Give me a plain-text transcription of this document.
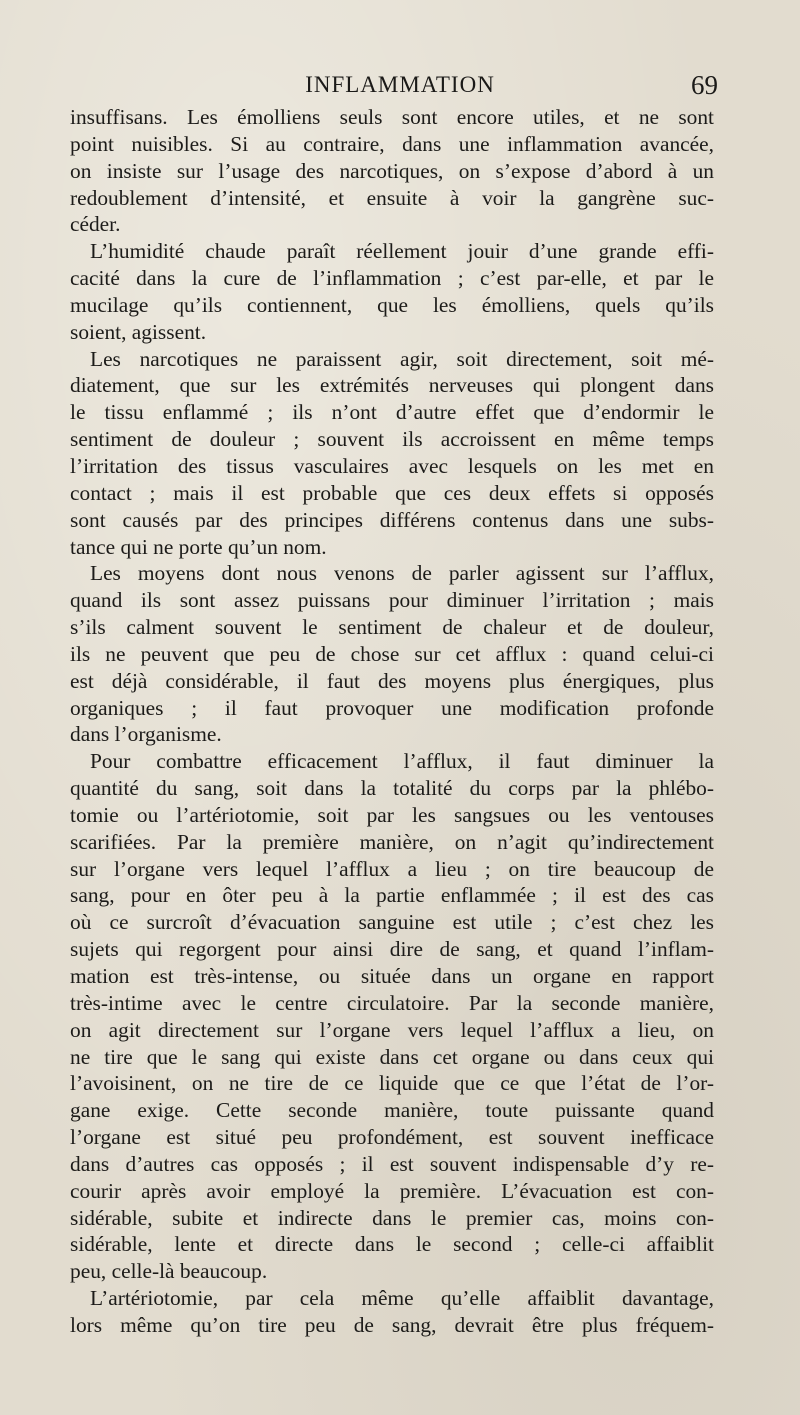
INFLAMMATION	69
insuffisans. Les émolliens seuls sont encore utiles, et ne sont
point nuisibles. Si au contraire, dans une inflammation avancée,
on insiste sur l’usage des narcotiques, on s’expose d’abord à un
redoublement d’intensité, et ensuite à voir la gangrène suc-
céder.
L’humidité chaude paraît réellement jouir d’une grande effi-
cacité dans la cure de l’inflammation ; c’est par-elle, et par le
mucilage qu’ils contiennent, que les émolliens, quels qu’ils
soient, agissent.
Les narcotiques ne paraissent agir, soit directement, soit mé-
diatement, que sur les extrémités nerveuses qui plongent dans
le tissu enflammé ; ils n’ont d’autre effet que d’endormir le
sentiment de douleur ; souvent ils accroissent en même temps
l’irritation des tissus vasculaires avec lesquels on les met en
contact ; mais il est probable que ces deux effets si opposés
sont causés par des principes différens contenus dans une subs-
tance qui ne porte qu’un nom.
Les moyens dont nous venons de parler agissent sur l’afflux,
quand ils sont assez puissans pour diminuer l’irritation ; mais
s’ils calment souvent le sentiment de chaleur et de douleur,
ils ne peuvent que peu de chose sur cet afflux : quand celui-ci
est déjà considérable, il faut des moyens plus énergiques, plus
organiques ; il faut provoquer une modification profonde
dans l’organisme.
Pour combattre efficacement l’afflux, il faut diminuer la
quantité du sang, soit dans la totalité du corps par la phlébo-
tomie ou l’artériotomie, soit par les sangsues ou les ventouses
scarifiées. Par la première manière, on n’agit qu’indirectement
sur l’organe vers lequel l’afflux a lieu ; on tire beaucoup de
sang, pour en ôter peu à la partie enflammée ; il est des cas
où ce surcroît d’évacuation sanguine est utile ; c’est chez les
sujets qui regorgent pour ainsi dire de sang, et quand l’inflam-
mation est très-intense, ou située dans un organe en rapport
très-intime avec le centre circulatoire. Par la seconde manière,
on agit directement sur l’organe vers lequel l’afflux a lieu, on
ne tire que le sang qui existe dans cet organe ou dans ceux qui
l’avoisinent, on ne tire de ce liquide que ce que l’état de l’or-
gane exige. Cette seconde manière, toute puissante quand
l’organe est situé peu profondément, est souvent inefficace
dans d’autres cas opposés ; il est souvent indispensable d’y re-
courir après avoir employé la première. L’évacuation est con-
sidérable, subite et indirecte dans le premier cas, moins con-
sidérable, lente et directe dans le second ; celle-ci affaiblit
peu, celle-là beaucoup.
L’artériotomie, par cela même qu’elle affaiblit davantage,
lors même qu’on tire peu de sang, devrait être plus fréquem-
